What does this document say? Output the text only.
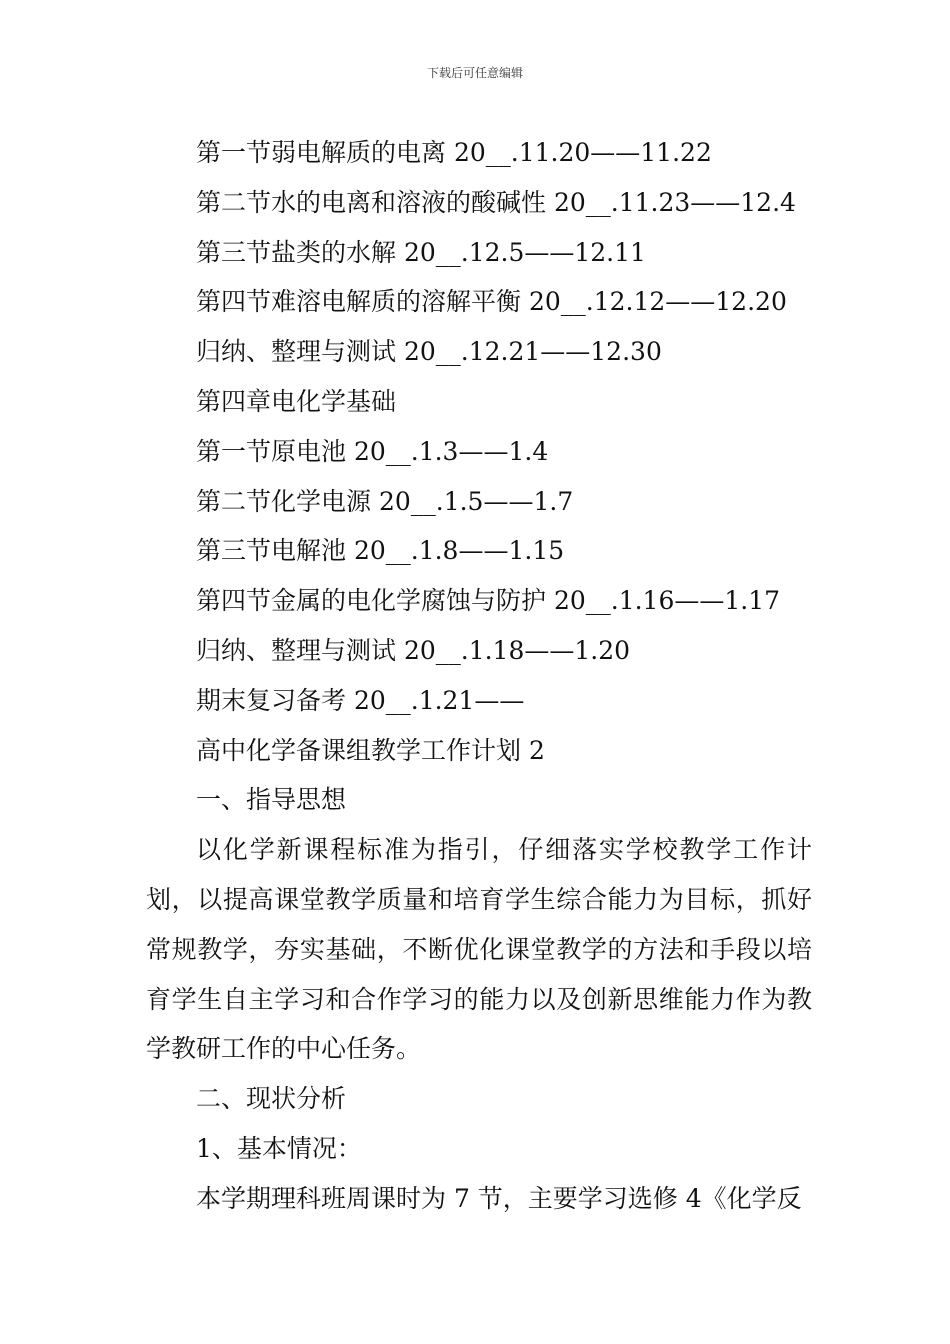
下载后可任意编辑

第一节弱电解质的电离 20__.11.20——11.22

第二节水的电离和溶液的酸碱性 20__.11.23——12.4

第三节盐类的水解 20__.12.5——12.11

第四节难溶电解质的溶解平衡 20__.12.12——12.20

归纳、整理与测试 20__.12.21——12.30

第四章电化学基础

第一节原电池 20__.1.3——1.4

第二节化学电源 20__.1.5——1.7

第三节电解池 20__.1.8——1.15

第四节金属的电化学腐蚀与防护 20__.1.16——1.17

归纳、整理与测试 20__.1.18——1.20

期末复习备考 20__.1.21——

高中化学备课组教学工作计划 2

一、指导思想

以化学新课程标准为指引，仔细落实学校教学工作计划，以提高课堂教学质量和培育学生综合能力为目标，抓好常规教学，夯实基础，不断优化课堂教学的方法和手段以培育学生自主学习和合作学习的能力以及创新思维能力作为教学教研工作的中心任务。

二、现状分析

1、基本情况：

本学期理科班周课时为 7 节，主要学习选修 4《化学反
